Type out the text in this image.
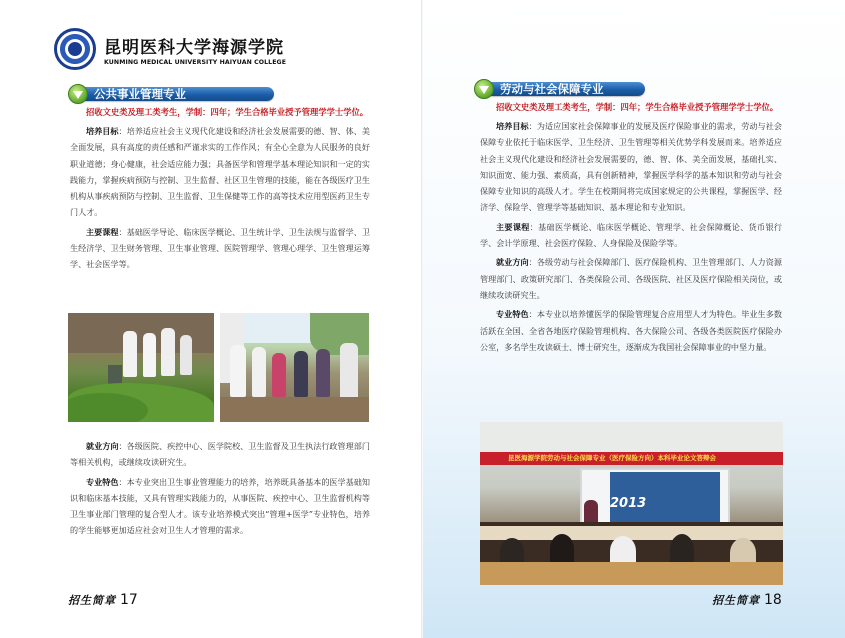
昆明医科大学海源学院
KUNMING MEDICAL UNIVERSITY HAIYUAN COLLEGE
公共事业管理专业

招收文史类及理工类考生，学制：四年；学生合格毕业授予管理学学士学位。

培养目标：培养适应社会主义现代化建设和经济社会发展需要的德、智、体、美全面发展，具有高度的责任感和严谨求实的工作作风；有全心全意为人民服务的良好职业道德；身心健康，社会适应能力强；具备医学和管理学基本理论知识和一定的实践能力，掌握疾病预防与控制、卫生监督、社区卫生管理的技能，能在各级医疗卫生机构从事疾病预防与控制、卫生监督、卫生保健等工作的高等技术应用型医药卫生专门人才。

主要课程：基础医学导论、临床医学概论、卫生统计学、卫生法规与监督学、卫生经济学、卫生财务管理、卫生事业管理、医院管理学、管理心理学、卫生管理运筹学、社会医学等。

就业方向：各级医院、疾控中心、医学院校、卫生监督及卫生执法行政管理部门等相关机构，或继续攻读研究生。

专业特色：本专业突出卫生事业管理能力的培养，培养既具备基本的医学基础知识和临床基本技能，又具有管理实践能力的，从事医院、疾控中心、卫生监督机构等卫生事业部门管理的复合型人才。该专业培养模式突出“管理+医学”专业特色，培养的学生能够更加适应社会对卫生人才管理的需求。

招生简章 17
劳动与社会保障专业

招收文史类及理工类考生，学制：四年；学生合格毕业授予管理学学士学位。

培养目标：为适应国家社会保障事业的发展及医疗保险事业的需求，劳动与社会保障专业依托于临床医学、卫生经济、卫生管理等相关优势学科发展而来。培养适应社会主义现代化建设和经济社会发展需要的，德、智、体、美全面发展，基础扎实、知识面宽、能力强、素质高，具有创新精神，掌握医学科学的基本知识和劳动与社会保障专业知识的高级人才。学生在校期间将完成国家规定的公共课程，掌握医学、经济学、保险学、管理学等基础知识、基本理论和专业知识。

主要课程：基础医学概论、临床医学概论、管理学、社会保障概论、货币银行学、会计学原理、社会医疗保险、人身保险及保险学等。

就业方向：各级劳动与社会保障部门、医疗保险机构、卫生管理部门、人力资源管理部门、政策研究部门、各类保险公司、各级医院、社区及医疗保险相关岗位，或继续攻读研究生。

专业特色：本专业以培养懂医学的保险管理复合应用型人才为特色。毕业生多数活跃在全国、全省各地医疗保险管理机构、各大保险公司、各级各类医院医疗保险办公室，多名学生攻读硕士、博士研究生，逐渐成为我国社会保障事业的中坚力量。

昆医海源学院劳动与社会保障专业（医疗保险方向）本科毕业论文答辩会
2013
招生简章 18
